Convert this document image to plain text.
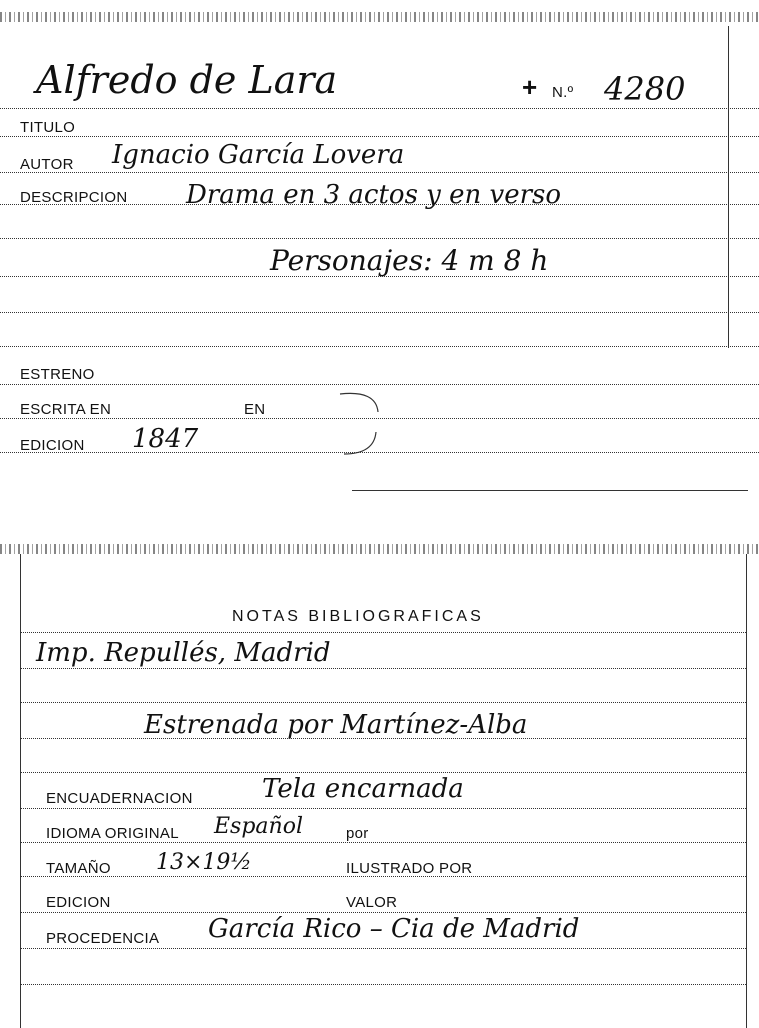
Alfredo de Lara	+ N.º 4280
TITULO
AUTOR Ignacio García Lovera
DESCRIPCION Drama en 3 actos y en verso
Personajes: 4 m 8 h
ESTRENO
ESCRITA EN	EN
EDICION 1847
NOTAS BIBLIOGRAFICAS
Imp. Repullés, Madrid
Estrenada por Martínez-Alba
ENCUADERNACION	Tela encarnada
IDIOMA ORIGINAL Español	por
TAMAÑO 13×19½	ILUSTRADO POR
EDICION	VALOR
PROCEDENCIA García Rico – Cia de Madrid
